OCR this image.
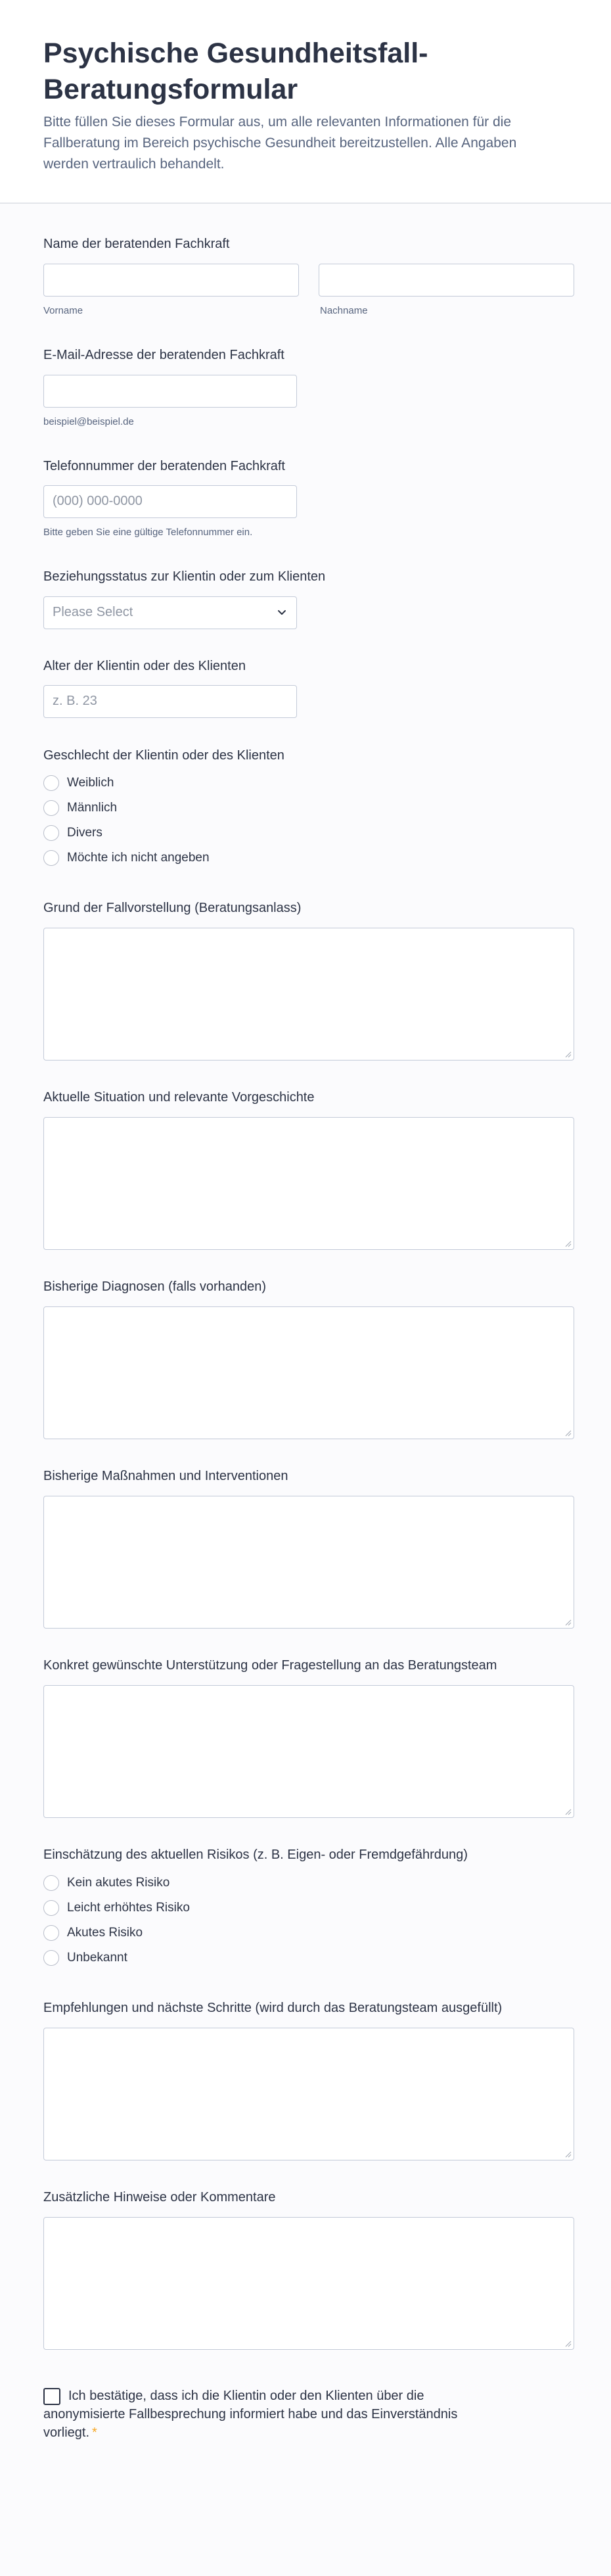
Psychische Gesundheitsfall-Beratungsformular

Bitte füllen Sie dieses Formular aus, um alle relevanten Informationen für die Fallberatung im Bereich psychische Gesundheit bereitzustellen. Alle Angaben werden vertraulich behandelt.

Name der beratenden Fachkraft
Vorname	Nachname
E-Mail-Adresse der beratenden Fachkraft
beispiel@beispiel.de
Telefonnummer der beratenden Fachkraft
(000) 000-0000
Bitte geben Sie eine gültige Telefonnummer ein.
Beziehungsstatus zur Klientin oder zum Klienten
Please Select
Alter der Klientin oder des Klienten
z. B. 23
Geschlecht der Klientin oder des Klienten
Weiblich
Männlich
Divers
Möchte ich nicht angeben
Grund der Fallvorstellung (Beratungsanlass)
Aktuelle Situation und relevante Vorgeschichte
Bisherige Diagnosen (falls vorhanden)
Bisherige Maßnahmen und Interventionen
Konkret gewünschte Unterstützung oder Fragestellung an das Beratungsteam
Einschätzung des aktuellen Risikos (z. B. Eigen- oder Fremdgefährdung)
Kein akutes Risiko
Leicht erhöhtes Risiko
Akutes Risiko
Unbekannt
Empfehlungen und nächste Schritte (wird durch das Beratungsteam ausgefüllt)
Zusätzliche Hinweise oder Kommentare
Ich bestätige, dass ich die Klientin oder den Klienten über die anonymisierte Fallbesprechung informiert habe und das Einverständnis vorliegt. *
